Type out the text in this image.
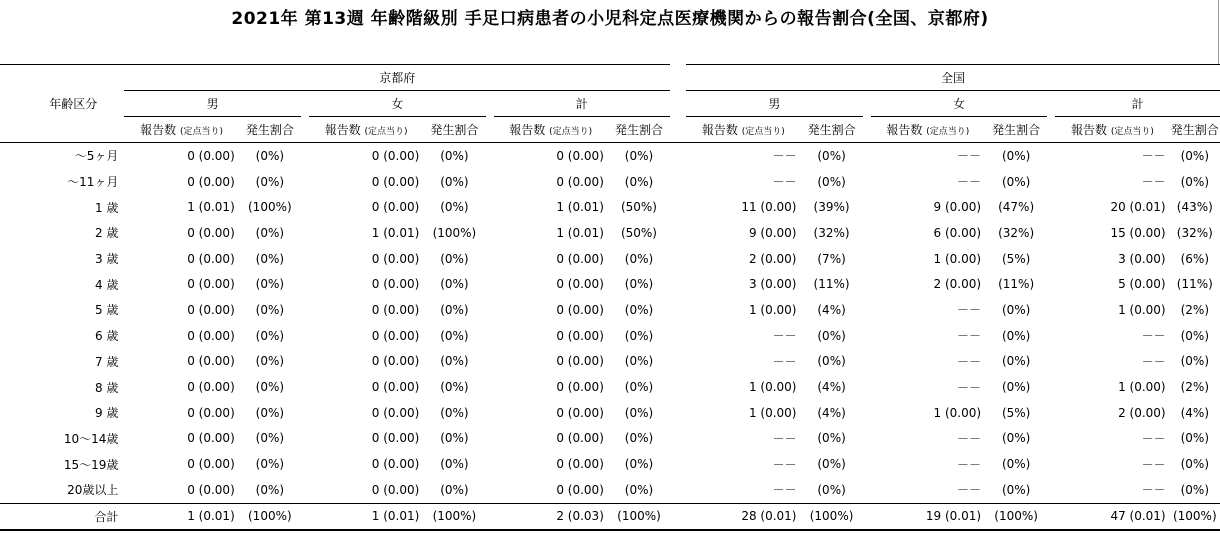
2021年 第13週 年齢階級別 手足口病患者の小児科定点医療機関からの報告割合(全国、京都府)
年齢区分	京都府									全国							
	男			女			計			男			女			計	
	報告数 (定点当り)	発生割合		報告数 (定点当り)	発生割合		報告数 (定点当り)	発生割合		報告数 (定点当り)	発生割合		報告数 (定点当り)	発生割合		報告数 (定点当り)	発生割合
～5ヶ月	0 (0.00)	(0%)		0 (0.00)	(0%)		0 (0.00)	(0%)		－－	(0%)		－－	(0%)		－－	(0%)
～11ヶ月	0 (0.00)	(0%)		0 (0.00)	(0%)		0 (0.00)	(0%)		－－	(0%)		－－	(0%)		－－	(0%)
1 歳	1 (0.01)	(100%)		0 (0.00)	(0%)		1 (0.01)	(50%)		11 (0.00)	(39%)		9 (0.00)	(47%)		20 (0.01)	(43%)
2 歳	0 (0.00)	(0%)		1 (0.01)	(100%)		1 (0.01)	(50%)		9 (0.00)	(32%)		6 (0.00)	(32%)		15 (0.00)	(32%)
3 歳	0 (0.00)	(0%)		0 (0.00)	(0%)		0 (0.00)	(0%)		2 (0.00)	(7%)		1 (0.00)	(5%)		3 (0.00)	(6%)
4 歳	0 (0.00)	(0%)		0 (0.00)	(0%)		0 (0.00)	(0%)		3 (0.00)	(11%)		2 (0.00)	(11%)		5 (0.00)	(11%)
5 歳	0 (0.00)	(0%)		0 (0.00)	(0%)		0 (0.00)	(0%)		1 (0.00)	(4%)		－－	(0%)		1 (0.00)	(2%)
6 歳	0 (0.00)	(0%)		0 (0.00)	(0%)		0 (0.00)	(0%)		－－	(0%)		－－	(0%)		－－	(0%)
7 歳	0 (0.00)	(0%)		0 (0.00)	(0%)		0 (0.00)	(0%)		－－	(0%)		－－	(0%)		－－	(0%)
8 歳	0 (0.00)	(0%)		0 (0.00)	(0%)		0 (0.00)	(0%)		1 (0.00)	(4%)		－－	(0%)		1 (0.00)	(2%)
9 歳	0 (0.00)	(0%)		0 (0.00)	(0%)		0 (0.00)	(0%)		1 (0.00)	(4%)		1 (0.00)	(5%)		2 (0.00)	(4%)
10～14歳	0 (0.00)	(0%)		0 (0.00)	(0%)		0 (0.00)	(0%)		－－	(0%)		－－	(0%)		－－	(0%)
15～19歳	0 (0.00)	(0%)		0 (0.00)	(0%)		0 (0.00)	(0%)		－－	(0%)		－－	(0%)		－－	(0%)
20歳以上	0 (0.00)	(0%)		0 (0.00)	(0%)		0 (0.00)	(0%)		－－	(0%)		－－	(0%)		－－	(0%)
合計	1 (0.01)	(100%)		1 (0.01)	(100%)		2 (0.03)	(100%)		28 (0.01)	(100%)		19 (0.01)	(100%)		47 (0.01)	(100%)
